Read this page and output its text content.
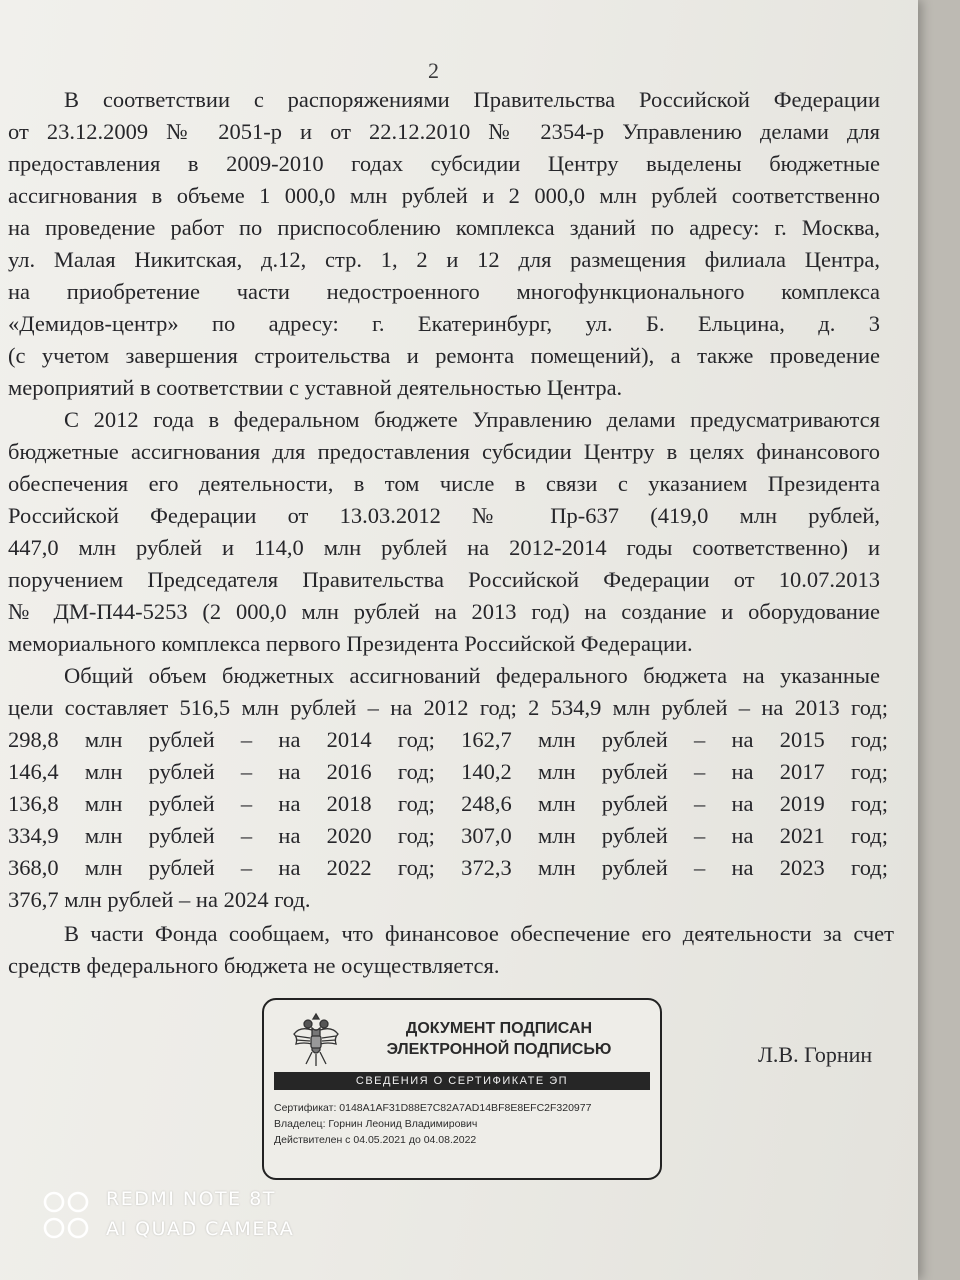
2
В соответствии с распоряжениями Правительства Российской Федерации
от 23.12.2009 № 2051-р и от 22.12.2010 № 2354-р Управлению делами для
предоставления в 2009-2010 годах субсидии Центру выделены бюджетные
ассигнования в объеме 1 000,0 млн рублей и 2 000,0 млн рублей соответственно
на проведение работ по приспособлению комплекса зданий по адресу: г. Москва,
ул. Малая Никитская, д.12, стр. 1, 2 и 12 для размещения филиала Центра,
на приобретение части недостроенного многофункционального комплекса
«Демидов-центр» по адресу: г. Екатеринбург, ул. Б. Ельцина, д. 3
(с учетом завершения строительства и ремонта помещений), а также проведение
мероприятий в соответствии с уставной деятельностью Центра.
С 2012 года в федеральном бюджете Управлению делами предусматриваются
бюджетные ассигнования для предоставления субсидии Центру в целях финансового
обеспечения его деятельности, в том числе в связи с указанием Президента
Российской Федерации от 13.03.2012 № Пр-637 (419,0 млн рублей,
447,0 млн рублей и 114,0 млн рублей на 2012-2014 годы соответственно) и
поручением Председателя Правительства Российской Федерации от 10.07.2013
№ ДМ-П44-5253 (2 000,0 млн рублей на 2013 год) на создание и оборудование
мемориального комплекса первого Президента Российской Федерации.
Общий объем бюджетных ассигнований федерального бюджета на указанные
цели составляет 516,5 млн рублей – на 2012 год; 2 534,9 млн рублей – на 2013 год;
298,8 млн рублей – на 2014 год; 162,7 млн рублей – на 2015 год;
146,4 млн рублей – на 2016 год; 140,2 млн рублей – на 2017 год;
136,8 млн рублей – на 2018 год; 248,6 млн рублей – на 2019 год;
334,9 млн рублей – на 2020 год; 307,0 млн рублей – на 2021 год;
368,0 млн рублей – на 2022 год; 372,3 млн рублей – на 2023 год;
376,7 млн рублей – на 2024 год.
В части Фонда сообщаем, что финансовое обеспечение его деятельности за счет
средств федерального бюджета не осуществляется.
ДОКУМЕНТ ПОДПИСАН
ЭЛЕКТРОННОЙ ПОДПИСЬЮ
СВЕДЕНИЯ О СЕРТИФИКАТЕ ЭП
Сертификат: 0148A1AF31D88E7C82A7AD14BF8E8EFC2F320977
Владелец: Горнин Леонид Владимирович
Действителен с 04.05.2021 до 04.08.2022
Л.В. Горнин
REDMI NOTE 8T
AI QUAD CAMERA
